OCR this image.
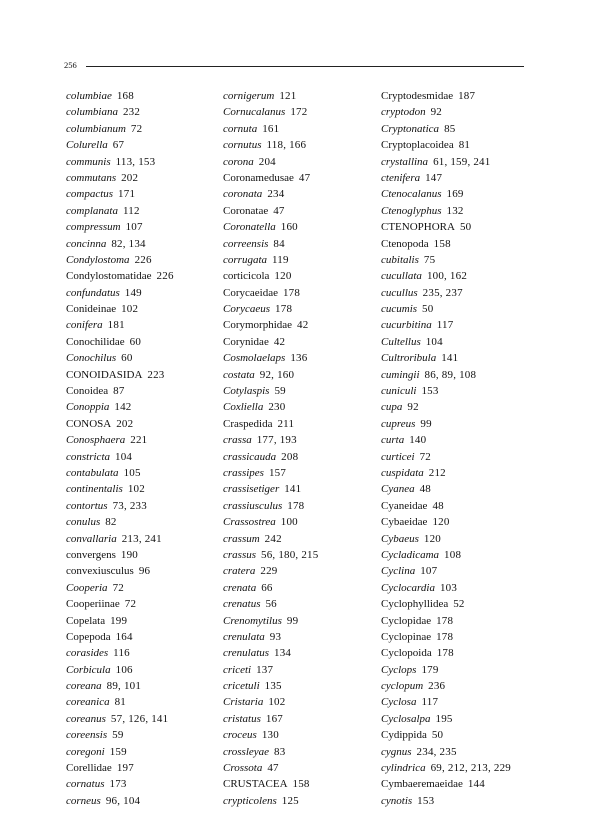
256
columbiae 168
columbiana 232
columbianum 72
Colurella 67
communis 113, 153
commutans 202
compactus 171
complanata 112
compressum 107
concinna 82, 134
Condylostoma 226
Condylostomatidae 226
confundatus 149
Conideinae 102
conifera 181
Conochilidae 60
Conochilus 60
CONOIDASIDA 223
Conoidea 87
Conoppia 142
CONOSA 202
Conosphaera 221
constricta 104
contabulata 105
continentalis 102
contortus 73, 233
conulus 82
convallaria 213, 241
convergens 190
convexiusculus 96
Cooperia 72
Cooperiinae 72
Copelata 199
Copepoda 164
corasides 116
Corbicula 106
coreana 89, 101
coreanica 81
coreanus 57, 126, 141
coreensis 59
coregoni 159
Corellidae 197
cornatus 173
corneus 96, 104
cornigerum 121
Cornucalanus 172
cornuta 161
cornutus 118, 166
corona 204
Coronamedusae 47
coronata 234
Coronatae 47
Coronatella 160
correensis 84
corrugata 119
corticicola 120
Corycaeidae 178
Corycaeus 178
Corymorphidae 42
Corynidae 42
Cosmolaelaps 136
costata 92, 160
Cotylaspis 59
Coxliella 230
Craspedida 211
crassa 177, 193
crassicauda 208
crassipes 157
crassisetiger 141
crassiusculus 178
Crassostrea 100
crassum 242
crassus 56, 180, 215
cratera 229
crenata 66
crenatus 56
Crenomytilus 99
crenulata 93
crenulatus 134
criceti 137
cricetuli 135
Cristaria 102
cristatus 167
croceus 130
crossleyae 83
Crossota 47
CRUSTACEA 158
crypticolens 125
Cryptodesmidae 187
cryptodon 92
Cryptonatica 85
Cryptoplacoidea 81
crystallina 61, 159, 241
ctenifera 147
Ctenocalanus 169
Ctenoglyphus 132
CTENOPHORA 50
Ctenopoda 158
cubitalis 75
cucullata 100, 162
cucullus 235, 237
cucumis 50
cucurbitina 117
Cultellus 104
Cultroribula 141
cumingii 86, 89, 108
cuniculi 153
cupa 92
cupreus 99
curta 140
curticei 72
cuspidata 212
Cyanea 48
Cyaneidae 48
Cybaeidae 120
Cybaeus 120
Cycladicama 108
Cyclina 107
Cyclocardia 103
Cyclophyllidea 52
Cyclopidae 178
Cyclopinae 178
Cyclopoida 178
Cyclops 179
cyclopum 236
Cyclosa 117
Cyclosalpa 195
Cydippida 50
cygnus 234, 235
cylindrica 69, 212, 213, 229
Cymbaeremaeidae 144
cynotis 153
